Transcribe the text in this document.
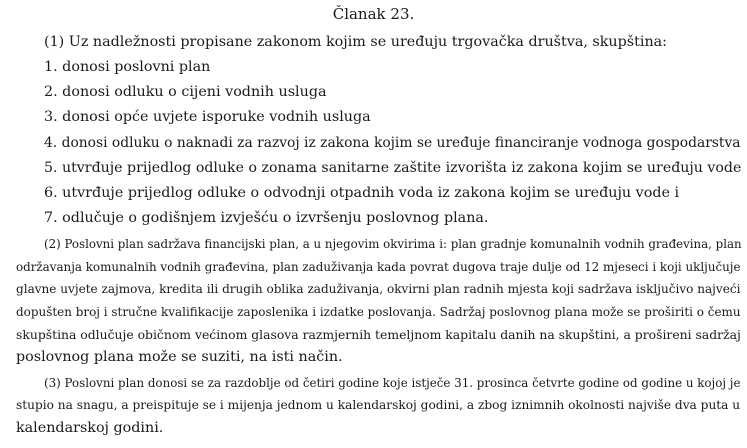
Članak 23.
(1) Uz nadležnosti propisane zakonom kojim se uređuju trgovačka društva, skupština:
1. donosi poslovni plan
2. donosi odluku o cijeni vodnih usluga
3. donosi opće uvjete isporuke vodnih usluga
4. donosi odluku o naknadi za razvoj iz zakona kojim se uređuje financiranje vodnoga gospodarstva
5. utvrđuje prijedlog odluke o zonama sanitarne zaštite izvorišta iz zakona kojim se uređuju vode
6. utvrđuje prijedlog odluke o odvodnji otpadnih voda iz zakona kojim se uređuju vode i
7. odlučuje o godišnjem izvješću o izvršenju poslovnog plana.
(2) Poslovni plan sadržava financijski plan, a u njegovim okvirima i: plan gradnje komunalnih vodnih građevina, plan
održavanja komunalnih vodnih građevina, plan zaduživanja kada povrat dugova traje dulje od 12 mjeseci i koji uključuje
glavne uvjete zajmova, kredita ili drugih oblika zaduživanja, okvirni plan radnih mjesta koji sadržava isključivo najveći
dopušten broj i stručne kvalifikacije zaposlenika i izdatke poslovanja. Sadržaj poslovnog plana može se proširiti o čemu
skupština odlučuje običnom većinom glasova razmjernih temeljnom kapitalu danih na skupštini, a prošireni sadržaj
poslovnog plana može se suziti, na isti način.
(3) Poslovni plan donosi se za razdoblje od četiri godine koje istječe 31. prosinca četvrte godine od godine u kojoj je
stupio na snagu, a preispituje se i mijenja jednom u kalendarskoj godini, a zbog iznimnih okolnosti najviše dva puta u
kalendarskoj godini.
